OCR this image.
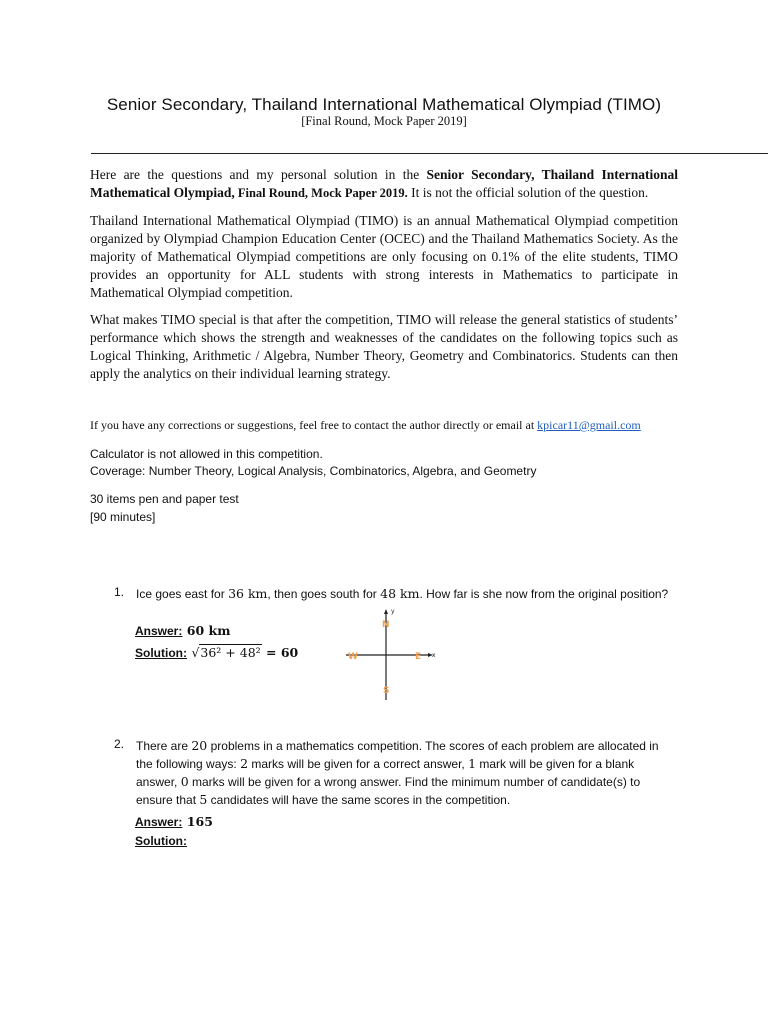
Senior Secondary, Thailand International Mathematical Olympiad (TIMO)
[Final Round, Mock Paper 2019]
Here are the questions and my personal solution in the Senior Secondary, Thailand International Mathematical Olympiad, Final Round, Mock Paper 2019. It is not the official solution of the question.
Thailand International Mathematical Olympiad (TIMO) is an annual Mathematical Olympiad competition organized by Olympiad Champion Education Center (OCEC) and the Thailand Mathematics Society. As the majority of Mathematical Olympiad competitions are only focusing on 0.1% of the elite students, TIMO provides an opportunity for ALL students with strong interests in Mathematics to participate in Mathematical Olympiad competition.
What makes TIMO special is that after the competition, TIMO will release the general statistics of students’ performance which shows the strength and weaknesses of the candidates on the following topics such as Logical Thinking, Arithmetic / Algebra, Number Theory, Geometry and Combinatorics. Students can then apply the analytics on their individual learning strategy.
If you have any corrections or suggestions, feel free to contact the author directly or email at kpicar11@gmail.com
Calculator is not allowed in this competition.
Coverage: Number Theory, Logical Analysis, Combinatorics, Algebra, and Geometry
30 items pen and paper test
[90 minutes]
1. Ice goes east for 36 km, then goes south for 48 km. How far is she now from the original position?
Answer: 60 km
Solution: √36² + 48² = 60
y
x
N
S
E
W
2. There are 20 problems in a mathematics competition. The scores of each problem are allocated in the following ways: 2 marks will be given for a correct answer, 1 mark will be given for a blank answer, 0 marks will be given for a wrong answer. Find the minimum number of candidate(s) to ensure that 5 candidates will have the same scores in the competition.
Answer: 165
Solution:
